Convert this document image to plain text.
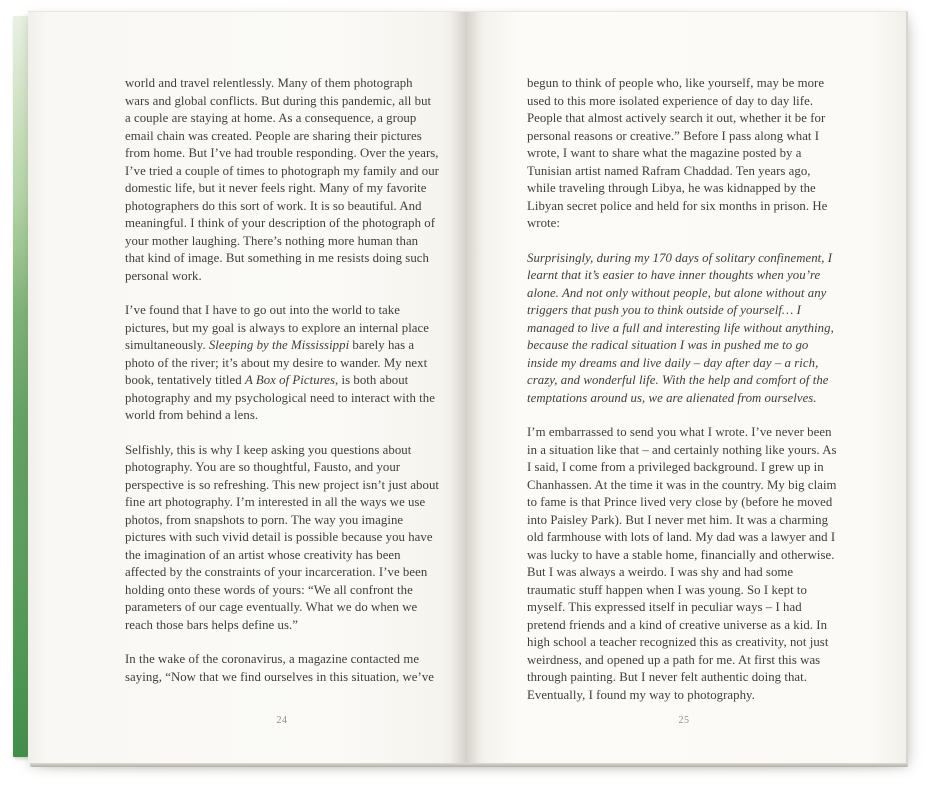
world and travel relentlessly. Many of them photograph wars and global conflicts. But during this pandemic, all but a couple are staying at home. As a consequence, a group email chain was created. People are sharing their pictures from home. But I’ve had trouble responding. Over the years, I’ve tried a couple of times to photograph my family and our domestic life, but it never feels right. Many of my favorite photographers do this sort of work. It is so beautiful. And meaningful. I think of your description of the photograph of your mother laughing. There’s nothing more human than that kind of image. But something in me resists doing such personal work.

I’ve found that I have to go out into the world to take pictures, but my goal is always to explore an internal place simultaneously. Sleeping by the Mississippi barely has a photo of the river; it’s about my desire to wander. My next book, tentatively titled A Box of Pictures, is both about photography and my psychological need to interact with the world from behind a lens.

Selfishly, this is why I keep asking you questions about photography. You are so thoughtful, Fausto, and your perspective is so refreshing. This new project isn’t just about fine art photography. I’m interested in all the ways we use photos, from snapshots to porn. The way you imagine pictures with such vivid detail is possible because you have the imagination of an artist whose creativity has been affected by the constraints of your incarceration. I’ve been holding onto these words of yours: “We all confront the parameters of our cage eventually. What we do when we reach those bars helps define us.”

In the wake of the coronavirus, a magazine contacted me saying, “Now that we find ourselves in this situation, we’ve

24

begun to think of people who, like yourself, may be more used to this more isolated experience of day to day life. People that almost actively search it out, whether it be for personal reasons or creative.” Before I pass along what I wrote, I want to share what the magazine posted by a Tunisian artist named Rafram Chaddad. Ten years ago, while traveling through Libya, he was kidnapped by the Libyan secret police and held for six months in prison. He wrote:

Surprisingly, during my 170 days of solitary confinement, I learnt that it’s easier to have inner thoughts when you’re alone. And not only without people, but alone without any triggers that push you to think outside of yourself… I managed to live a full and interesting life without anything, because the radical situation I was in pushed me to go inside my dreams and live daily – day after day – a rich, crazy, and wonderful life. With the help and comfort of the temptations around us, we are alienated from ourselves.

I’m embarrassed to send you what I wrote. I’ve never been in a situation like that – and certainly nothing like yours. As I said, I come from a privileged background. I grew up in Chanhassen. At the time it was in the country. My big claim to fame is that Prince lived very close by (before he moved into Paisley Park). But I never met him. It was a charming old farmhouse with lots of land. My dad was a lawyer and I was lucky to have a stable home, financially and otherwise. But I was always a weirdo. I was shy and had some traumatic stuff happen when I was young. So I kept to myself. This expressed itself in peculiar ways – I had pretend friends and a kind of creative universe as a kid. In high school a teacher recognized this as creativity, not just weirdness, and opened up a path for me. At first this was through painting. But I never felt authentic doing that. Eventually, I found my way to photography.

25
